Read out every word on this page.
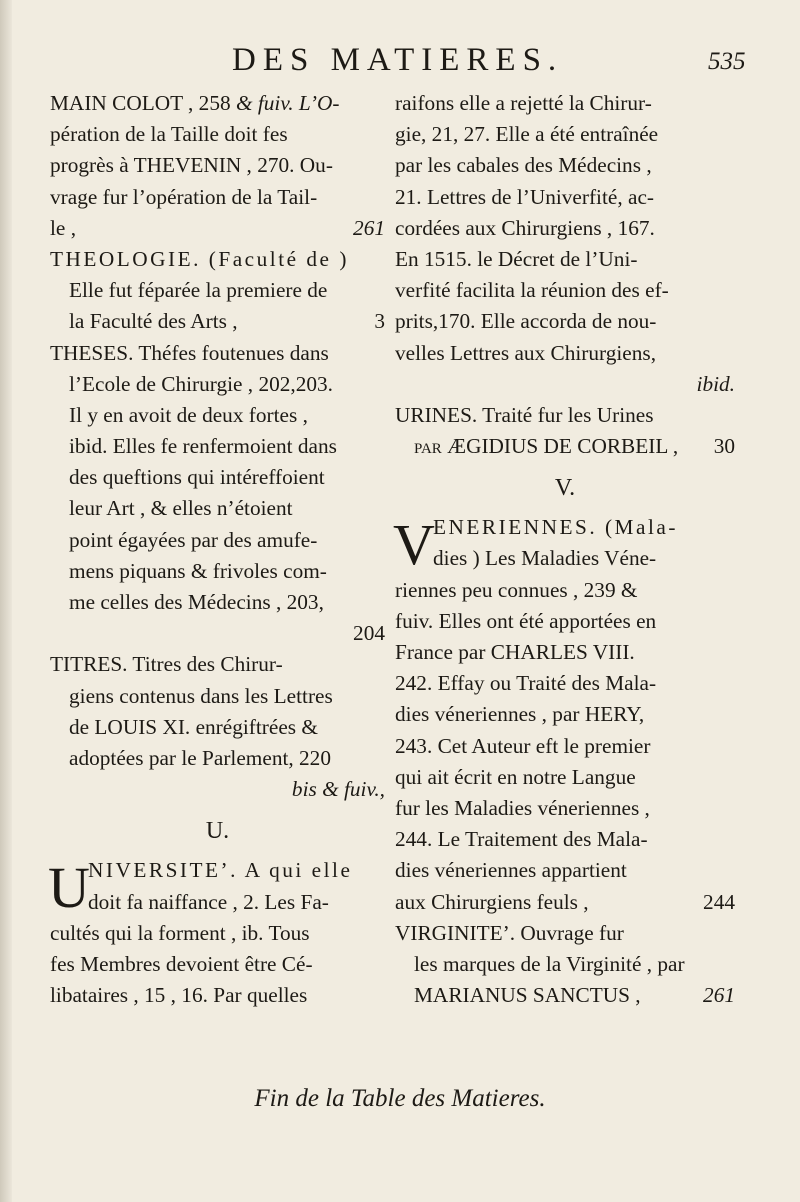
DES MATIERES.	535
MAIN COLOT , 258 & fuiv. L’O-
pération de la Taille doit fes
progrès à THEVENIN , 270. Ou-
vrage fur l’opération de la Tail-
le ,	261
THEOLOGIE. (Faculté de )
Elle fut féparée la premiere de
la Faculté des Arts ,	3
THESES. Théfes foutenues dans
l’Ecole de Chirurgie , 202,203.
Il y en avoit de deux fortes ,
ibid. Elles fe renfermoient dans
des queftions qui intéreffoient
leur Art , & elles n’étoient
point égayées par des amufe-
mens piquans & frivoles com-
me celles des Médecins , 203,
204
TITRES. Titres des Chirur-
giens contenus dans les Lettres
de LOUIS XI. enrégiftrées &
adoptées par le Parlement, 220
bis & fuiv.,
U.
U
NIVERSITE’. A qui elle
doit fa naiffance , 2. Les Fa-
cultés qui la forment , ib. Tous
fes Membres devoient être Cé-
libataires , 15 , 16. Par quelles
raifons elle a rejetté la Chirur-
gie, 21, 27. Elle a été entraînée
par les cabales des Médecins ,
21. Lettres de l’Univerfité, ac-
cordées aux Chirurgiens , 167.
En 1515. le Décret de l’Uni-
verfité facilita la réunion des ef-
prits,170. Elle accorda de nou-
velles Lettres aux Chirurgiens,
ibid.
URINES. Traité fur les Urines
par ÆGIDIUS DE CORBEIL , 30
V.
V
ENERIENNES. (Mala-
dies ) Les Maladies Véne-
riennes peu connues , 239 &
fuiv. Elles ont été apportées en
France par CHARLES VIII.
242. Effay ou Traité des Mala-
dies véneriennes , par HERY,
243. Cet Auteur eft le premier
qui ait écrit en notre Langue
fur les Maladies véneriennes ,
244. Le Traitement des Mala-
dies véneriennes appartient
aux Chirurgiens feuls ,	244
VIRGINITE’. Ouvrage fur
les marques de la Virginité , par
MARIANUS SANCTUS ,	261
Fin de la Table des Matieres.
